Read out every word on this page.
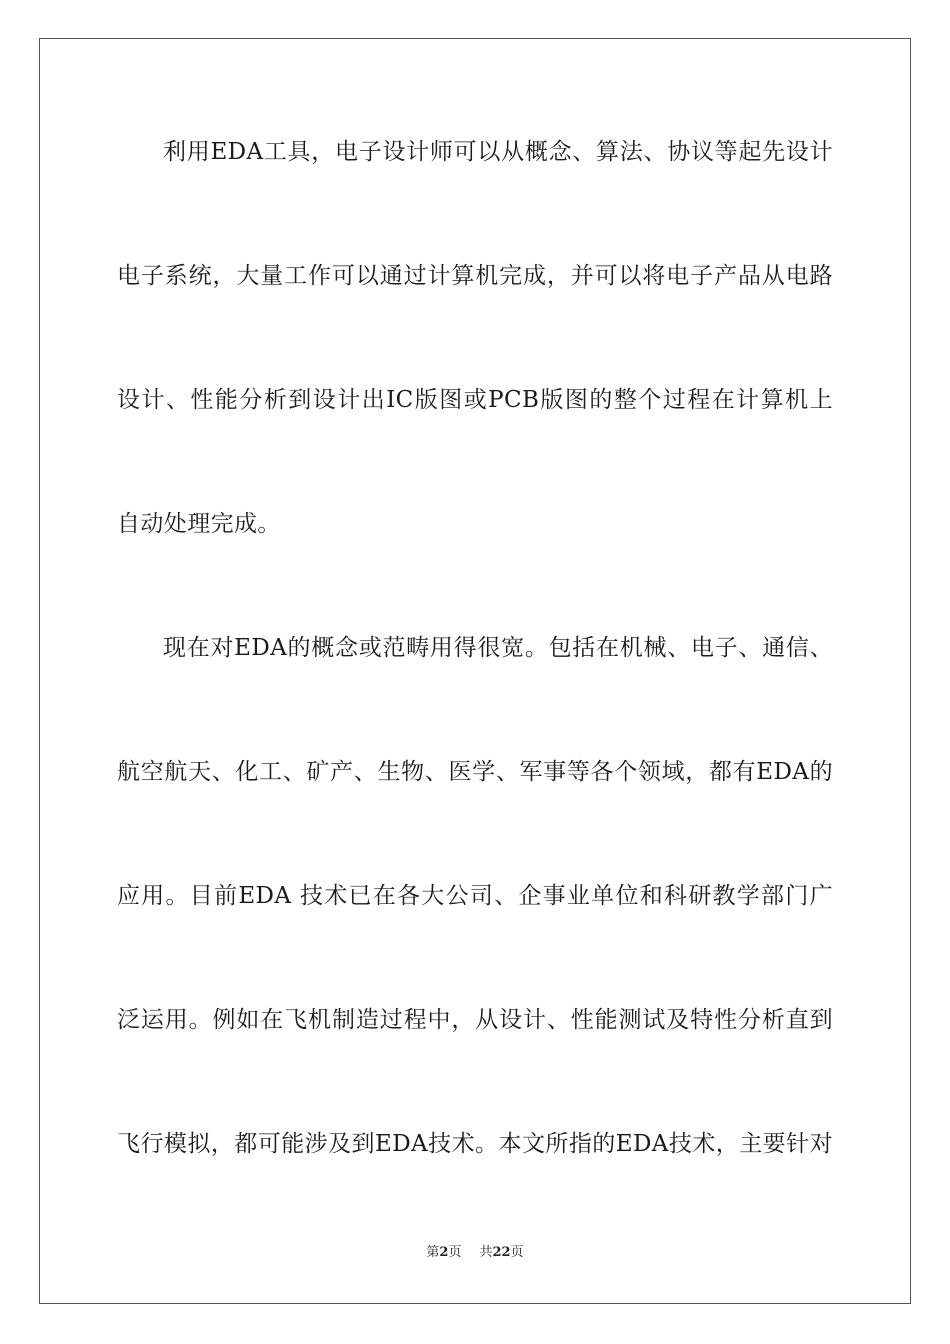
利用EDA工具，电子设计师可以从概念、算法、协议等起先设计
电子系统，大量工作可以通过计算机完成，并可以将电子产品从电路
设计、性能分析到设计出IC版图或PCB版图的整个过程在计算机上
自动处理完成。
现在对EDA的概念或范畴用得很宽。包括在机械、电子、通信、
航空航天、化工、矿产、生物、医学、军事等各个领域，都有EDA的
应用。目前EDA 技术已在各大公司、企事业单位和科研教学部门广
泛运用。例如在飞机制造过程中，从设计、性能测试及特性分析直到
飞行模拟，都可能涉及到EDA技术。本文所指的EDA技术，主要针对
第2页 共22页
